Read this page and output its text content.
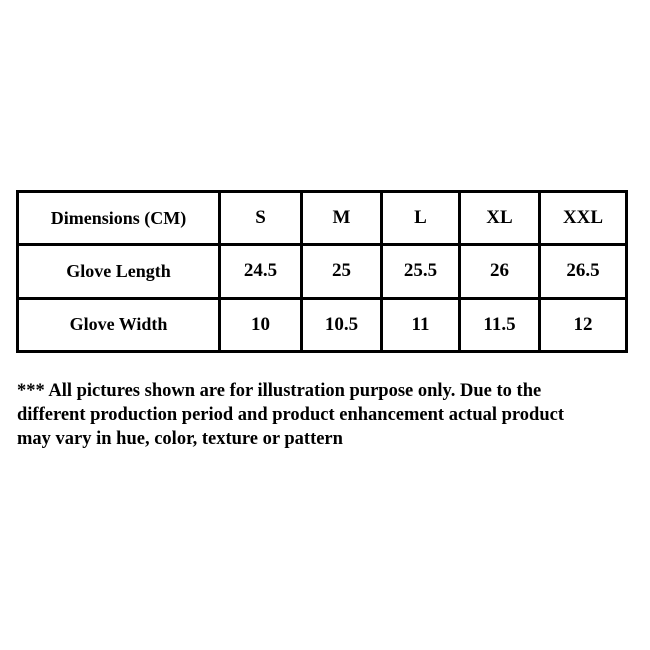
Dimensions (CM)	S	M	L	XL	XXL
Glove Length	24.5	25	25.5	26	26.5
Glove Width	10	10.5	11	11.5	12

*** All pictures shown are for illustration purpose only. Due to the
different production period and product enhancement actual product
may vary in hue, color, texture or pattern
